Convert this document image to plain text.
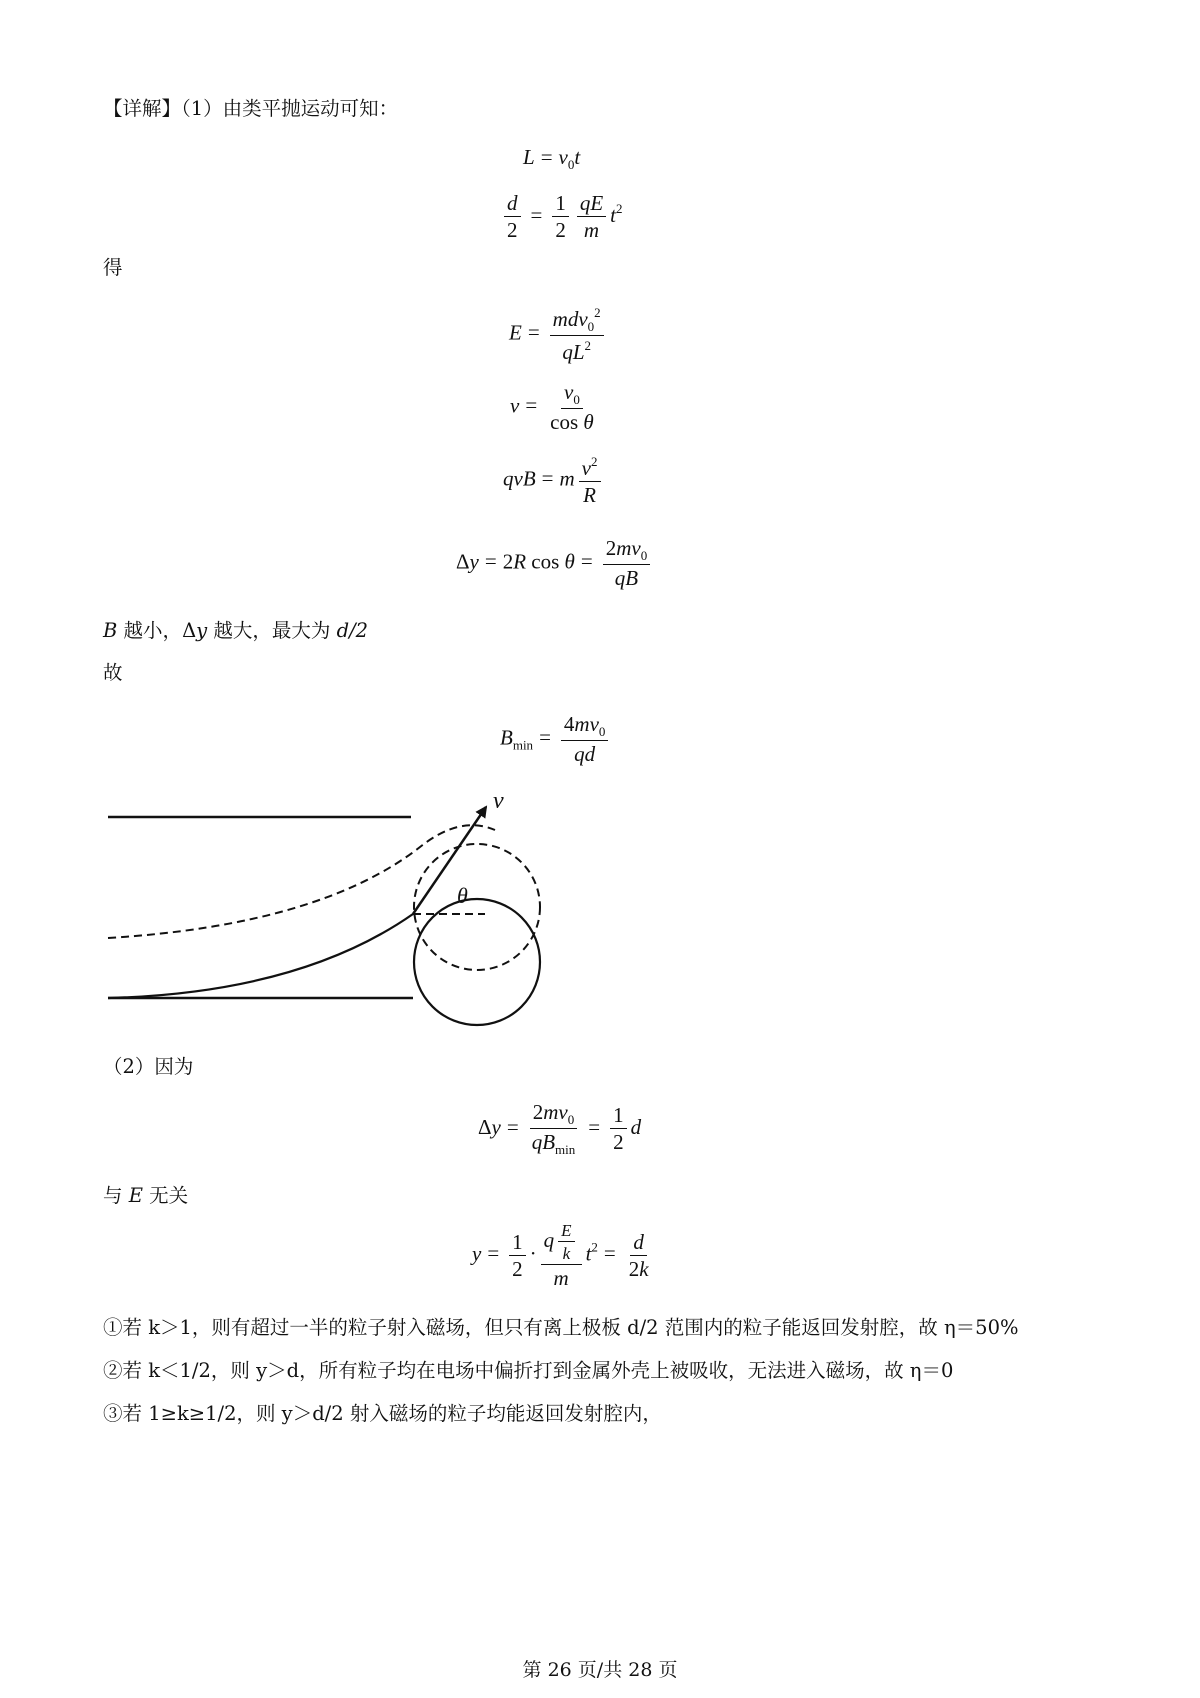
【详解】（1）由类平抛运动可知：
$L = v_0t$
$\frac{d}{2} = \frac{1}{2} \frac{qE}{m} t^2$
得
$E = \frac{mdv_0^2}{qL^2}$
$v = \frac{v_0}{\text{cos θ}}$
qvB = m $\frac{v^2}{R}$
Δy = 2R $\cos \theta = \frac{2mv_0}{qB}$
B 越小，Δy 越大，最大为 d/2
故
$B_{min} = \frac{4mv_0}{qd}$
v
θ
（2）因为
$\Delta y = \frac{2mv_0}{qB_{min}} = \frac{1}{2}$ d
与 E 无关
$y = \frac{1}{2} \cdot \frac{q \frac{E}{k}}{m} t^2 = \frac{d}{2k}$
①若 k＞1，则有超过一半的粒子射入磁场，但只有离上极板 d/2 范围内的粒子能返回发射腔，故 η＝50%
②若 k＜1/2，则 y＞d，所有粒子均在电场中偏折打到金属外壳上被吸收，无法进入磁场，故 η＝0
③若 1≥k≥1/2，则 y＞d/2 射入磁场的粒子均能返回发射腔内，
第 26 页/共 28 页
